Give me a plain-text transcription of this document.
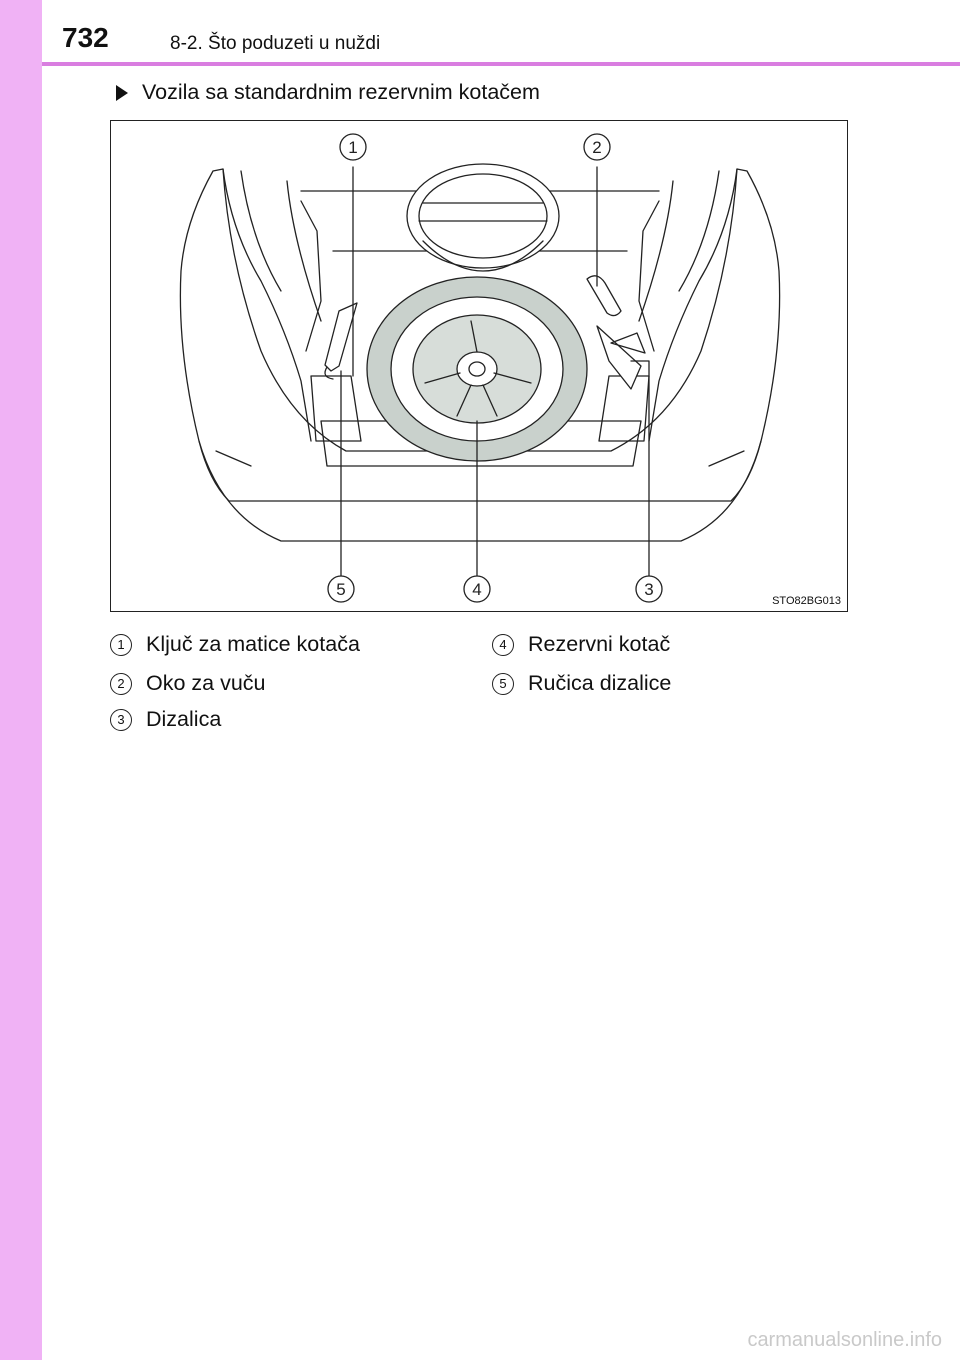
732	8-2. Što poduzeti u nuždi
Vozila sa standardnim rezervnim kotačem
1	2
3
4
5
STO82BG013
1 Ključ za matice kotača
2 Oko za vuču
3 Dizalica
4 Rezervni kotač
5 Ručica dizalice
carmanualsonline.info
